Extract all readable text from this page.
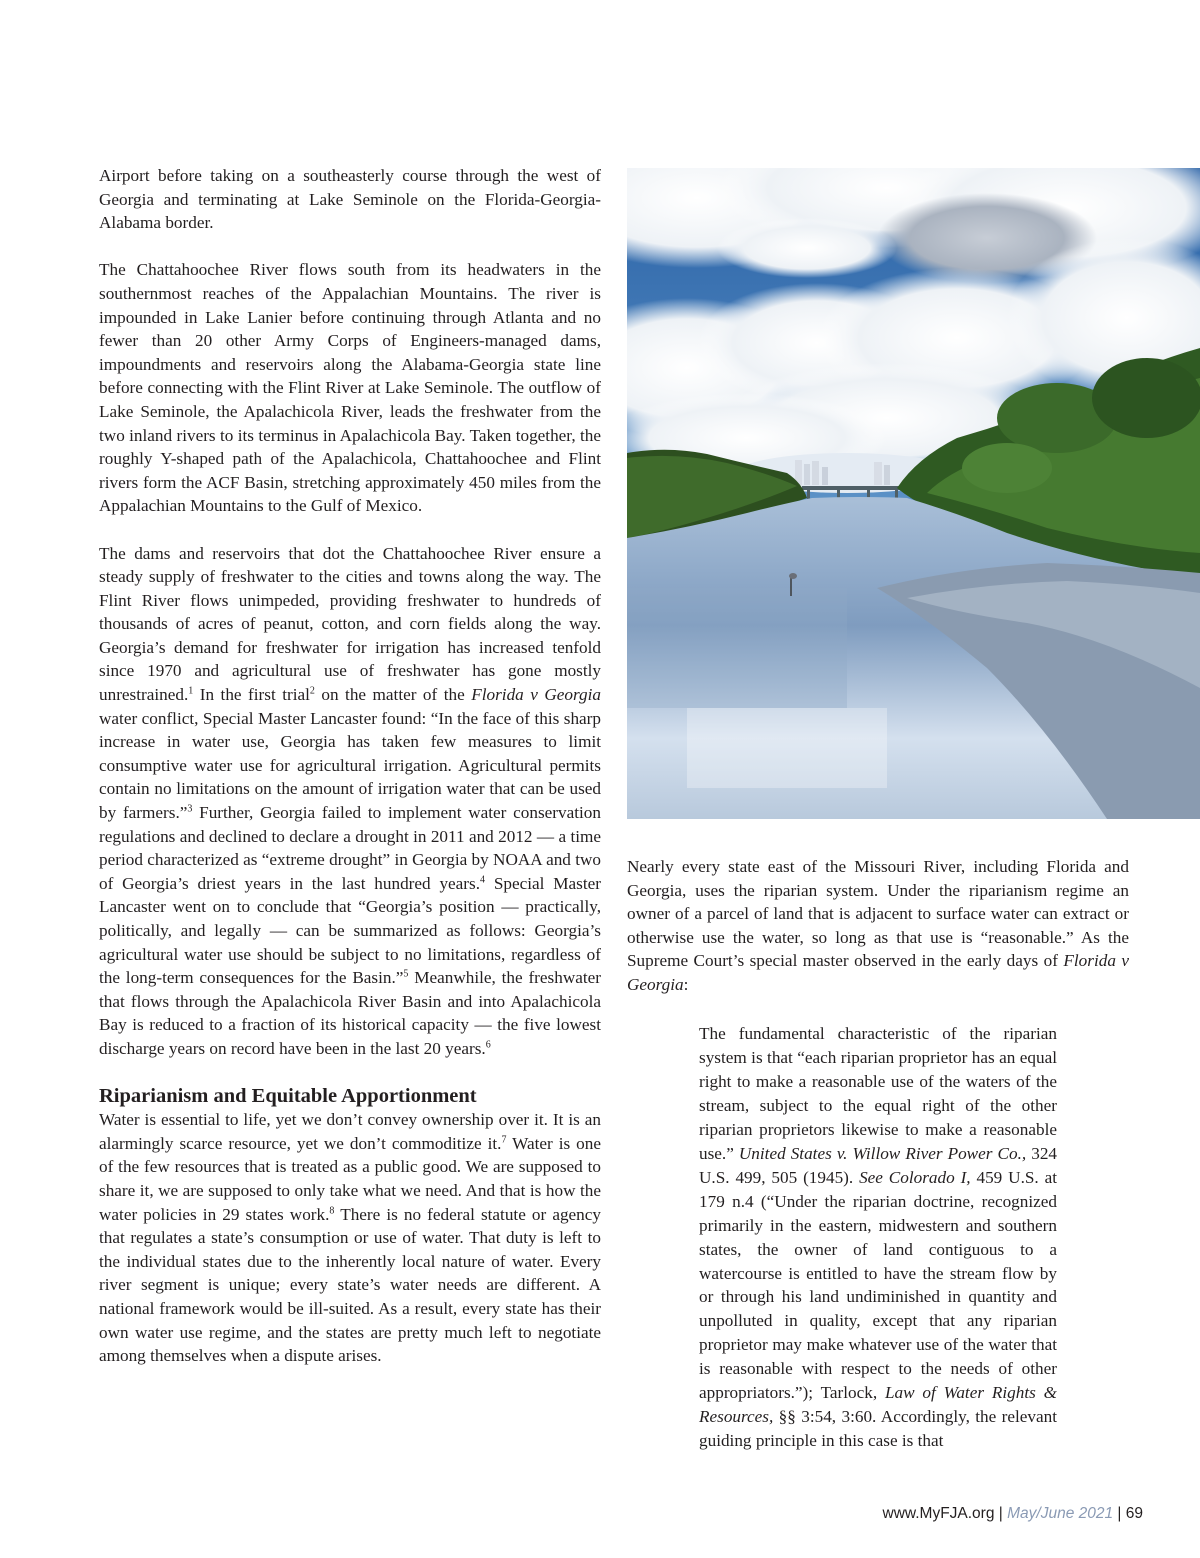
Airport before taking on a southeasterly course through the west of Georgia and terminating at Lake Seminole on the Florida-Georgia-Alabama border.

The Chattahoochee River flows south from its headwaters in the southernmost reaches of the Appalachian Mountains. The river is impounded in Lake Lanier before continuing through Atlanta and no fewer than 20 other Army Corps of Engineers-managed dams, impoundments and reservoirs along the Alabama-Georgia state line before connecting with the Flint River at Lake Seminole. The outflow of Lake Seminole, the Apalachicola River, leads the freshwater from the two inland rivers to its terminus in Apalachicola Bay. Taken together, the roughly Y-shaped path of the Apalachicola, Chattahoochee and Flint rivers form the ACF Basin, stretching approximately 450 miles from the Appalachian Mountains to the Gulf of Mexico.

The dams and reservoirs that dot the Chattahoochee River ensure a steady supply of freshwater to the cities and towns along the way. The Flint River flows unimpeded, providing freshwater to hundreds of thousands of acres of peanut, cotton, and corn fields along the way. Georgia’s demand for freshwater for irrigation has increased tenfold since 1970 and agricultural use of freshwater has gone mostly unrestrained.$^1$ In the first trial$^2$ on the matter of the Florida v Georgia water conflict, Special Master Lancaster found: “In the face of this sharp increase in water use, Georgia has taken few measures to limit consumptive water use for agricultural irrigation. Agricultural permits contain no limitations on the amount of irrigation water that can be used by farmers.”$^3$ Further, Georgia failed to implement water conservation regulations and declined to declare a drought in 2011 and 2012 — a time period characterized as “extreme drought” in Georgia by NOAA and two of Georgia’s driest years in the last hundred years.$^4$ Special Master Lancaster went on to conclude that “Georgia’s position — practically, politically, and legally — can be summarized as follows: Georgia’s agricultural water use should be subject to no limitations, regardless of the long-term consequences for the Basin.”$^5$ Meanwhile, the freshwater that flows through the Apalachicola River Basin and into Apalachicola Bay is reduced to a fraction of its historical capacity — the five lowest discharge years on record have been in the last 20 years.$^6$

Riparianism and Equitable Apportionment

Water is essential to life, yet we don’t convey ownership over it. It is an alarmingly scarce resource, yet we don’t commoditize it.$^7$ Water is one of the few resources that is treated as a public good. We are supposed to share it, we are supposed to only take what we need. And that is how the water policies in 29 states work.$^8$ There is no federal statute or agency that regulates a state’s consumption or use of water. That duty is left to the individual states due to the inherently local nature of water. Every river segment is unique; every state’s water needs are different. A national framework would be ill-suited. As a result, every state has their own water use regime, and the states are pretty much left to negotiate among themselves when a dispute arises.

Nearly every state east of the Missouri River, including Florida and Georgia, uses the riparian system. Under the riparianism regime an owner of a parcel of land that is adjacent to surface water can extract or otherwise use the water, so long as that use is “reasonable.” As the Supreme Court’s special master observed in the early days of Florida v Georgia:

The fundamental characteristic of the riparian system is that “each riparian proprietor has an equal right to make a reasonable use of the waters of the stream, subject to the equal right of the other riparian proprietors likewise to make a reasonable use.” United States v. Willow River Power Co., 324 U.S. 499, 505 (1945). See Colorado I, 459 U.S. at 179 n.4 (“Under the riparian doctrine, recognized primarily in the eastern, midwestern and southern states, the owner of land contiguous to a watercourse is entitled to have the stream flow by or through his land undiminished in quantity and unpolluted in quality, except that any riparian proprietor may make whatever use of the water that is reasonable with respect to the needs of other appropriators.”); Tarlock, Law of Water Rights & Resources, §§ 3:54, 3:60. Accordingly, the relevant guiding principle in this case is that

www.MyFJA.org | May/June 2021 | 69
